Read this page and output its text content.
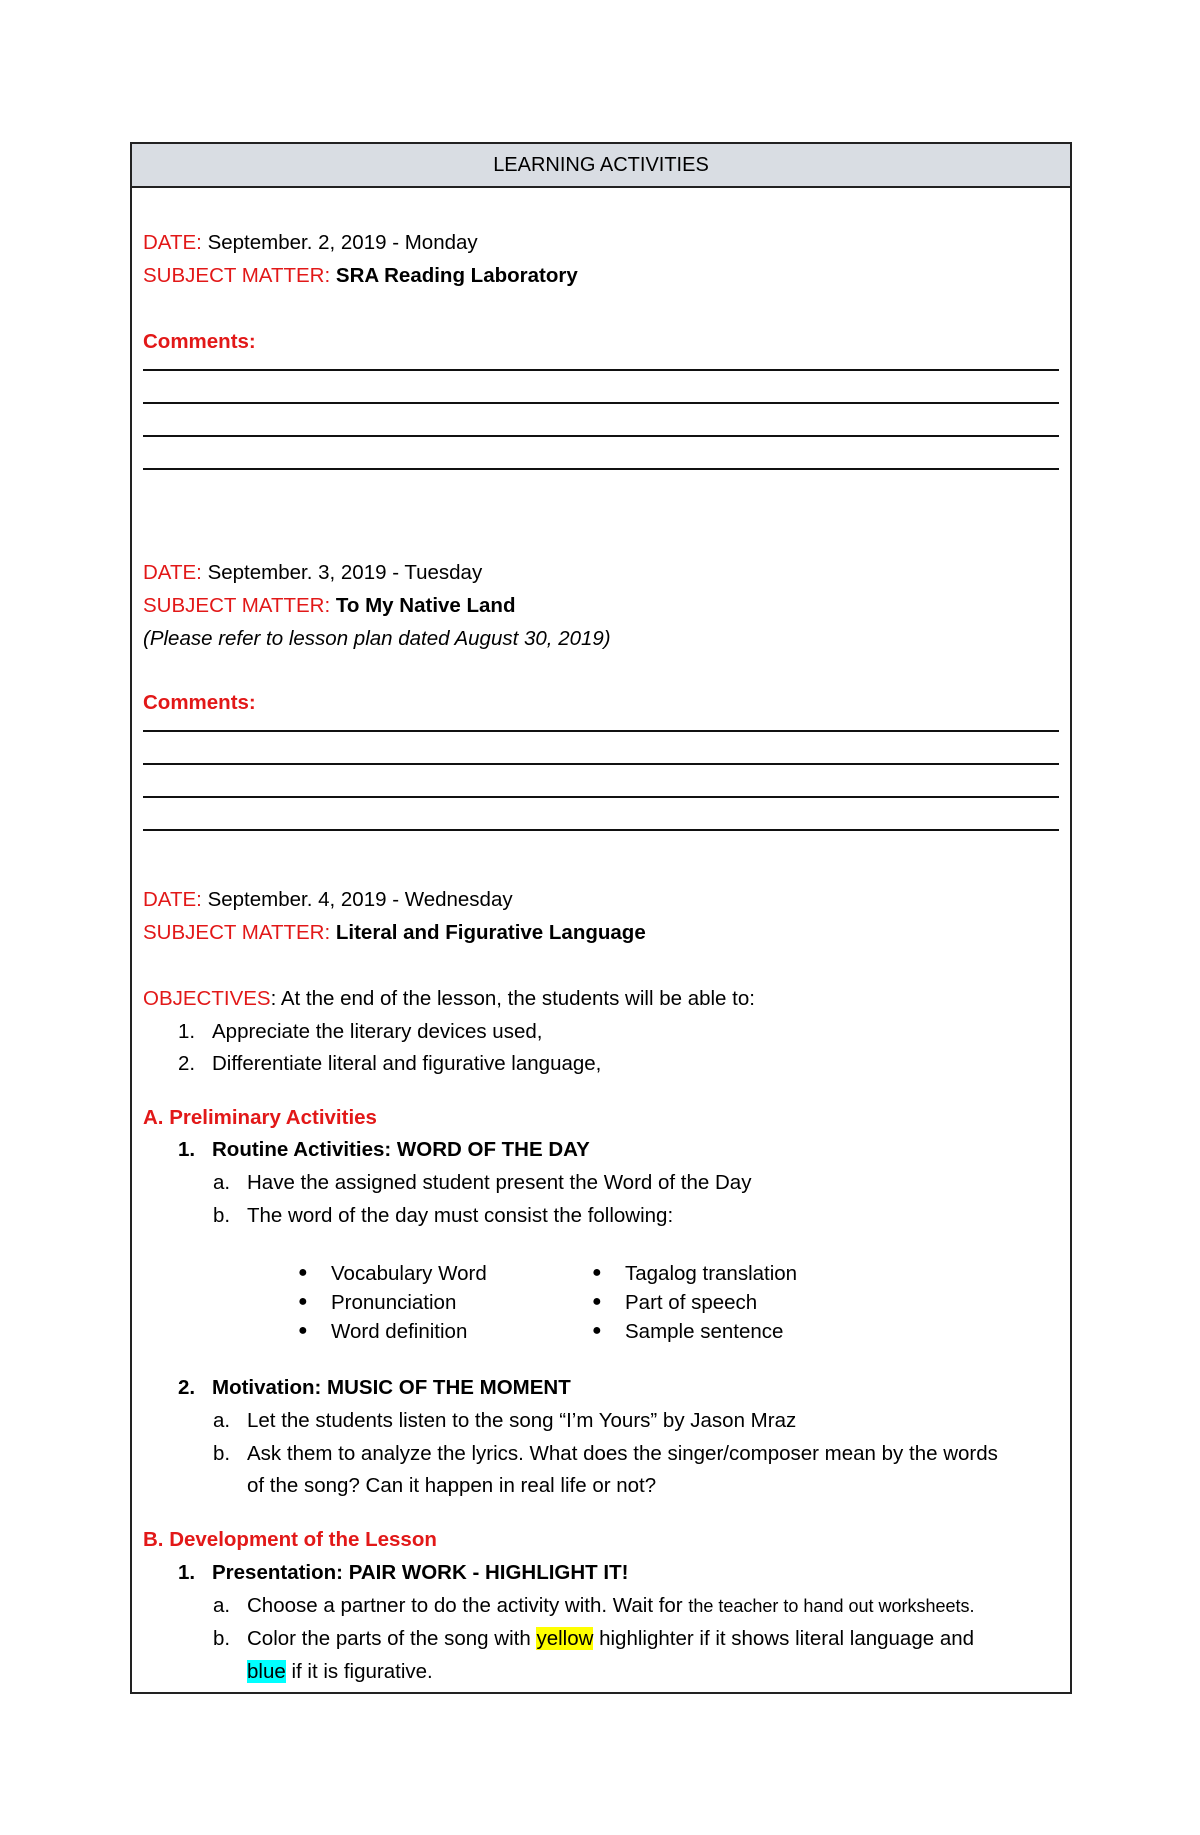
LEARNING ACTIVITIES
DATE: September. 2, 2019 - Monday
SUBJECT MATTER: SRA Reading Laboratory
Comments:
DATE: September. 3, 2019 - Tuesday
SUBJECT MATTER: To My Native Land
(Please refer to lesson plan dated August 30, 2019)
Comments:
DATE: September. 4, 2019 - Wednesday
SUBJECT MATTER: Literal and Figurative Language
OBJECTIVES: At the end of the lesson, the students will be able to:
1. Appreciate the literary devices used,
2. Differentiate literal and figurative language,
A. Preliminary Activities
1. Routine Activities: WORD OF THE DAY
a. Have the assigned student present the Word of the Day
b. The word of the day must consist the following:
● Vocabulary Word
● Pronunciation
● Word definition
● Tagalog translation
● Part of speech
● Sample sentence
2. Motivation: MUSIC OF THE MOMENT
a. Let the students listen to the song “I’m Yours” by Jason Mraz
b. Ask them to analyze the lyrics. What does the singer/composer mean by the words
of the song? Can it happen in real life or not?
B. Development of the Lesson
1. Presentation: PAIR WORK - HIGHLIGHT IT!
a. Choose a partner to do the activity with. Wait for the teacher to hand out worksheets.
b. Color the parts of the song with yellow highlighter if it shows literal language and
blue if it is figurative.
